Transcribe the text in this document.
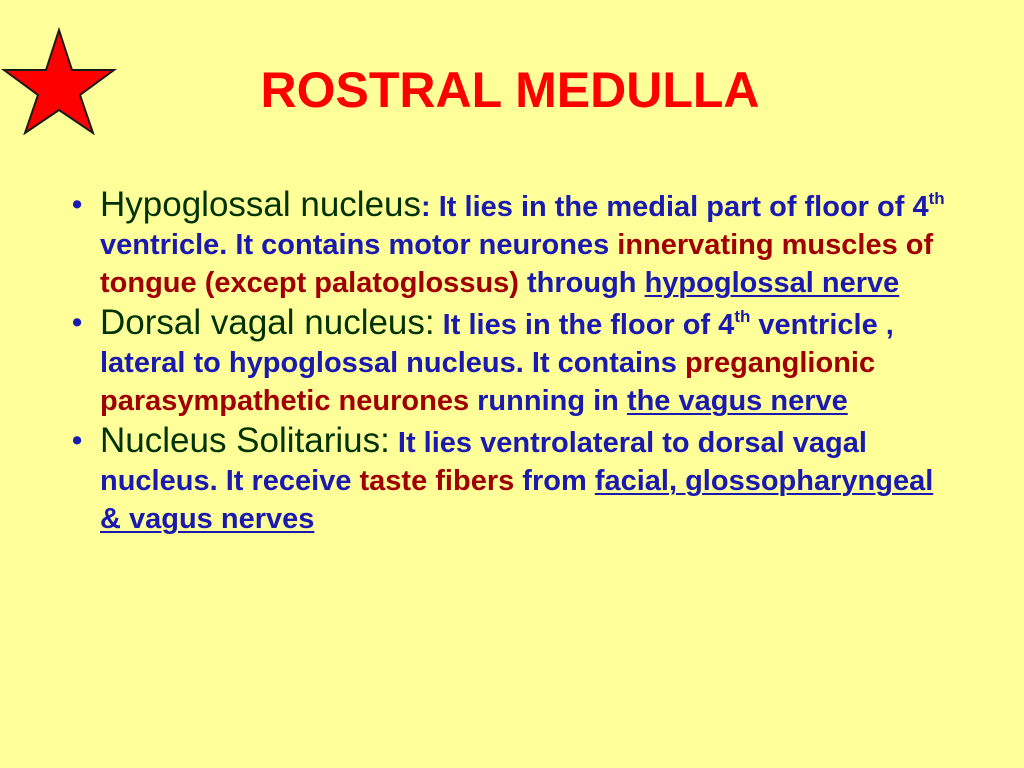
ROSTRAL MEDULLA
• Hypoglossal nucleus: It lies in the medial part of floor of 4th ventricle. It contains motor neurones innervating muscles of tongue (except palatoglossus) through hypoglossal nerve
• Dorsal vagal nucleus: It lies in the floor of 4th ventricle , lateral to hypoglossal nucleus. It contains preganglionic parasympathetic neurones running in the vagus nerve
• Nucleus Solitarius: It lies ventrolateral to dorsal vagal nucleus. It receive taste fibers from facial, glossopharyngeal & vagus nerves
